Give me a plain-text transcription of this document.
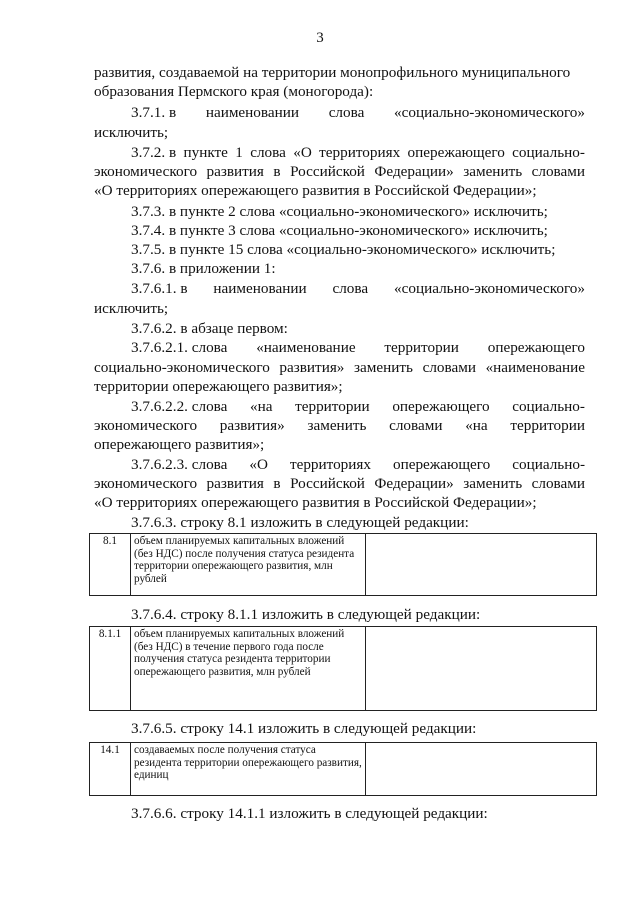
3
развития, создаваемой на территории монопрофильного муниципального
образования Пермского края (моногорода):
3.7.1. в наименовании слова «социально-экономического»
исключить;
3.7.2. в пункте 1 слова «О территориях опережающего социально-
экономического развития в Российской Федерации» заменить словами
«О территориях опережающего развития в Российской Федерации»;
3.7.3. в пункте 2 слова «социально-экономического» исключить;
3.7.4. в пункте 3 слова «социально-экономического» исключить;
3.7.5. в пункте 15 слова «социально-экономического» исключить;
3.7.6. в приложении 1:
3.7.6.1. в наименовании слова «социально-экономического»
исключить;
3.7.6.2. в абзаце первом:
3.7.6.2.1. слова «наименование территории опережающего
социально-экономического развития» заменить словами «наименование
территории опережающего развития»;
3.7.6.2.2. слова «на территории опережающего социально-
экономического развития» заменить словами «на территории
опережающего развития»;
3.7.6.2.3. слова «О территориях опережающего социально-
экономического развития в Российской Федерации» заменить словами
«О территориях опережающего развития в Российской Федерации»;
3.7.6.3. строку 8.1 изложить в следующей редакции:
8.1	объем планируемых капитальных вложений (без НДС) после получения статуса резидента территории опережающего развития, млн рублей	
3.7.6.4. строку 8.1.1 изложить в следующей редакции:
8.1.1	объем планируемых капитальных вложений (без НДС) в течение первого года после получения статуса резидента территории опережающего развития, млн рублей	
3.7.6.5. строку 14.1 изложить в следующей редакции:
14.1	создаваемых после получения статуса резидента территории опережающего развития, единиц	
3.7.6.6. строку 14.1.1 изложить в следующей редакции:
